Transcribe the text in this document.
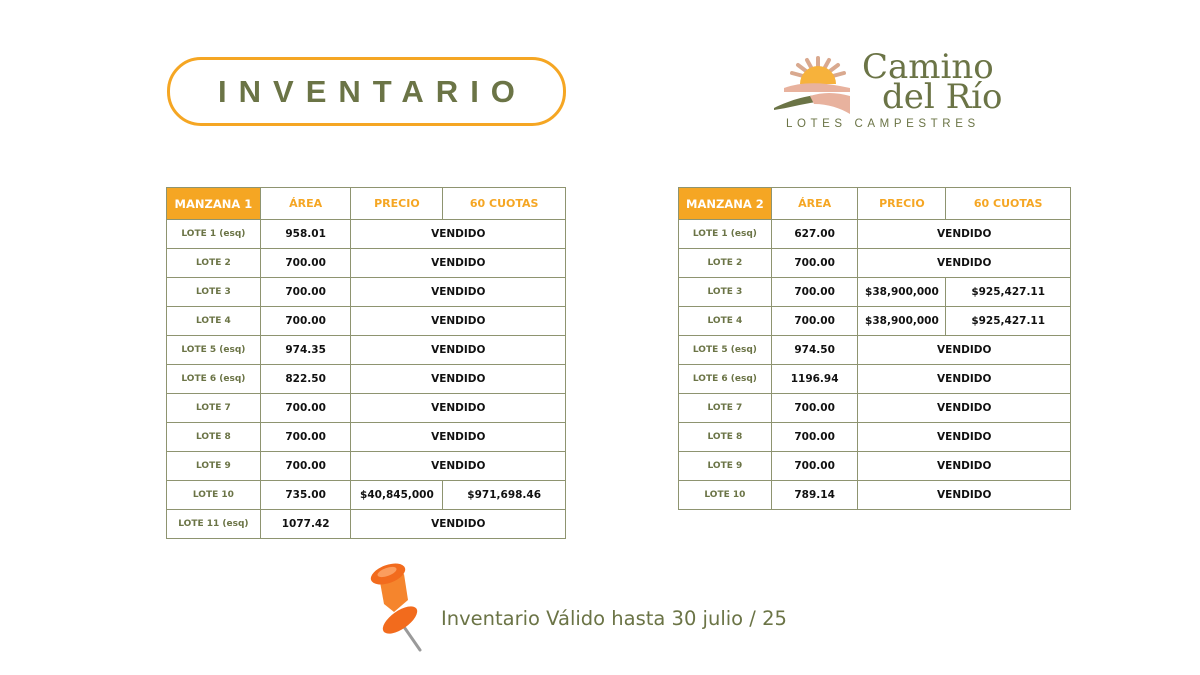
INVENTARIO
Camino
del Río
LOTES CAMPESTRES
MANZANA 1	ÁREA	PRECIO	60 CUOTAS
LOTE 1 (esq)	958.01	VENDIDO	
LOTE 2	700.00	VENDIDO	
LOTE 3	700.00	VENDIDO	
LOTE 4	700.00	VENDIDO	
LOTE 5 (esq)	974.35	VENDIDO	
LOTE 6 (esq)	822.50	VENDIDO	
LOTE 7	700.00	VENDIDO	
LOTE 8	700.00	VENDIDO	
LOTE 9	700.00	VENDIDO	
LOTE 10	735.00	$40,845,000	$971,698.46
LOTE 11 (esq)	1077.42	VENDIDO	
MANZANA 2	ÁREA	PRECIO	60 CUOTAS
LOTE 1 (esq)	627.00	VENDIDO	
LOTE 2	700.00	VENDIDO	
LOTE 3	700.00	$38,900,000	$925,427.11
LOTE 4	700.00	$38,900,000	$925,427.11
LOTE 5 (esq)	974.50	VENDIDO	
LOTE 6 (esq)	1196.94	VENDIDO	
LOTE 7	700.00	VENDIDO	
LOTE 8	700.00	VENDIDO	
LOTE 9	700.00	VENDIDO	
LOTE 10	789.14	VENDIDO	
Inventario Válido hasta 30 julio / 25
